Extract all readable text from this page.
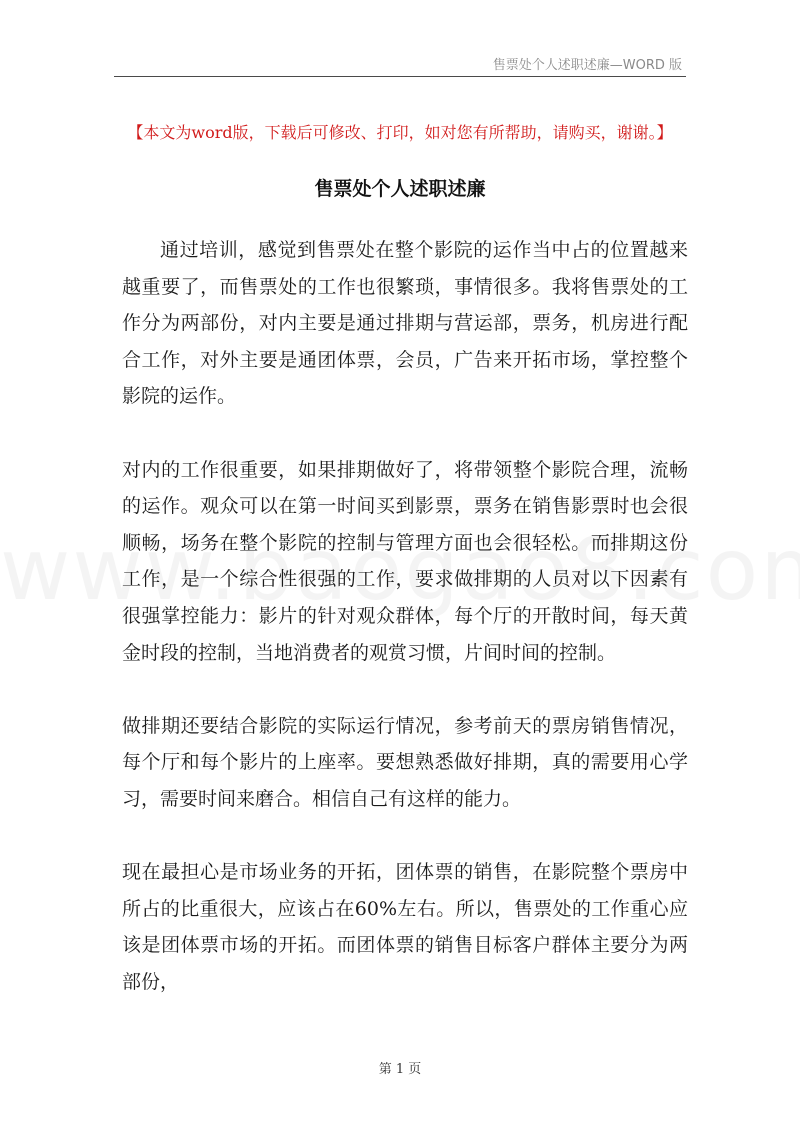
售票处个人述职述廉—WORD 版
【本文为word版，下载后可修改、打印，如对您有所帮助，请购买，谢谢。】
售票处个人述职述廉

通过培训，感觉到售票处在整个影院的运作当中占的位置越来越重要了，而售票处的工作也很繁琐，事情很多。我将售票处的工作分为两部份，对内主要是通过排期与营运部，票务，机房进行配合工作，对外主要是通团体票，会员，广告来开拓市场，掌控整个影院的运作。

对内的工作很重要，如果排期做好了，将带领整个影院合理，流畅的运作。观众可以在第一时间买到影票，票务在销售影票时也会很顺畅，场务在整个影院的控制与管理方面也会很轻松。而排期这份工作，是一个综合性很强的工作，要求做排期的人员对以下因素有很强掌控能力：影片的针对观众群体，每个厅的开散时间，每天黄金时段的控制，当地消费者的观赏习惯，片间时间的控制。

做排期还要结合影院的实际运行情况，参考前天的票房销售情况，每个厅和每个影片的上座率。要想熟悉做好排期，真的需要用心学习，需要时间来磨合。相信自己有这样的能力。

现在最担心是市场业务的开拓，团体票的销售，在影院整个票房中所占的比重很大，应该占在60%左右。所以，售票处的工作重心应该是团体票市场的开拓。而团体票的销售目标客户群体主要分为两部份，

第 1 页
